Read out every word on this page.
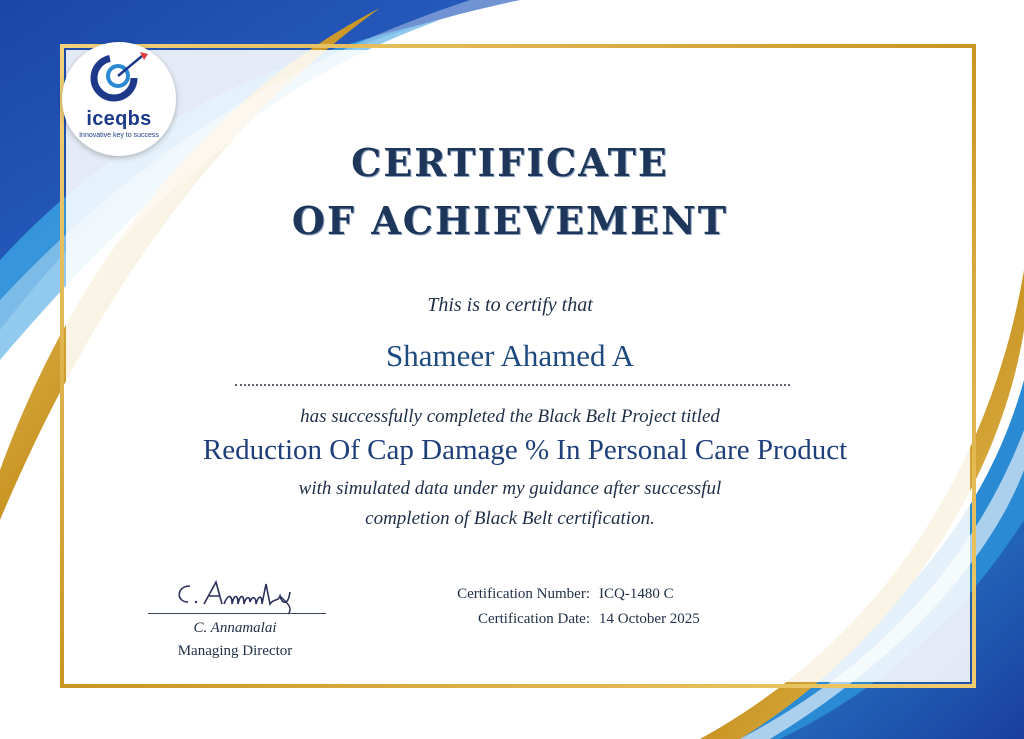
iceqbs
Innovative key to success
CERTIFICATE
OF ACHIEVEMENT
This is to certify that
Shameer Ahamed A
has successfully completed the Black Belt Project titled
Reduction Of Cap Damage % In Personal Care Product
with simulated data under my guidance after successful
completion of Black Belt certification.
C. Annamalai
Managing Director
Certification Number: ICQ-1480 C
Certification Date: 14 October 2025
